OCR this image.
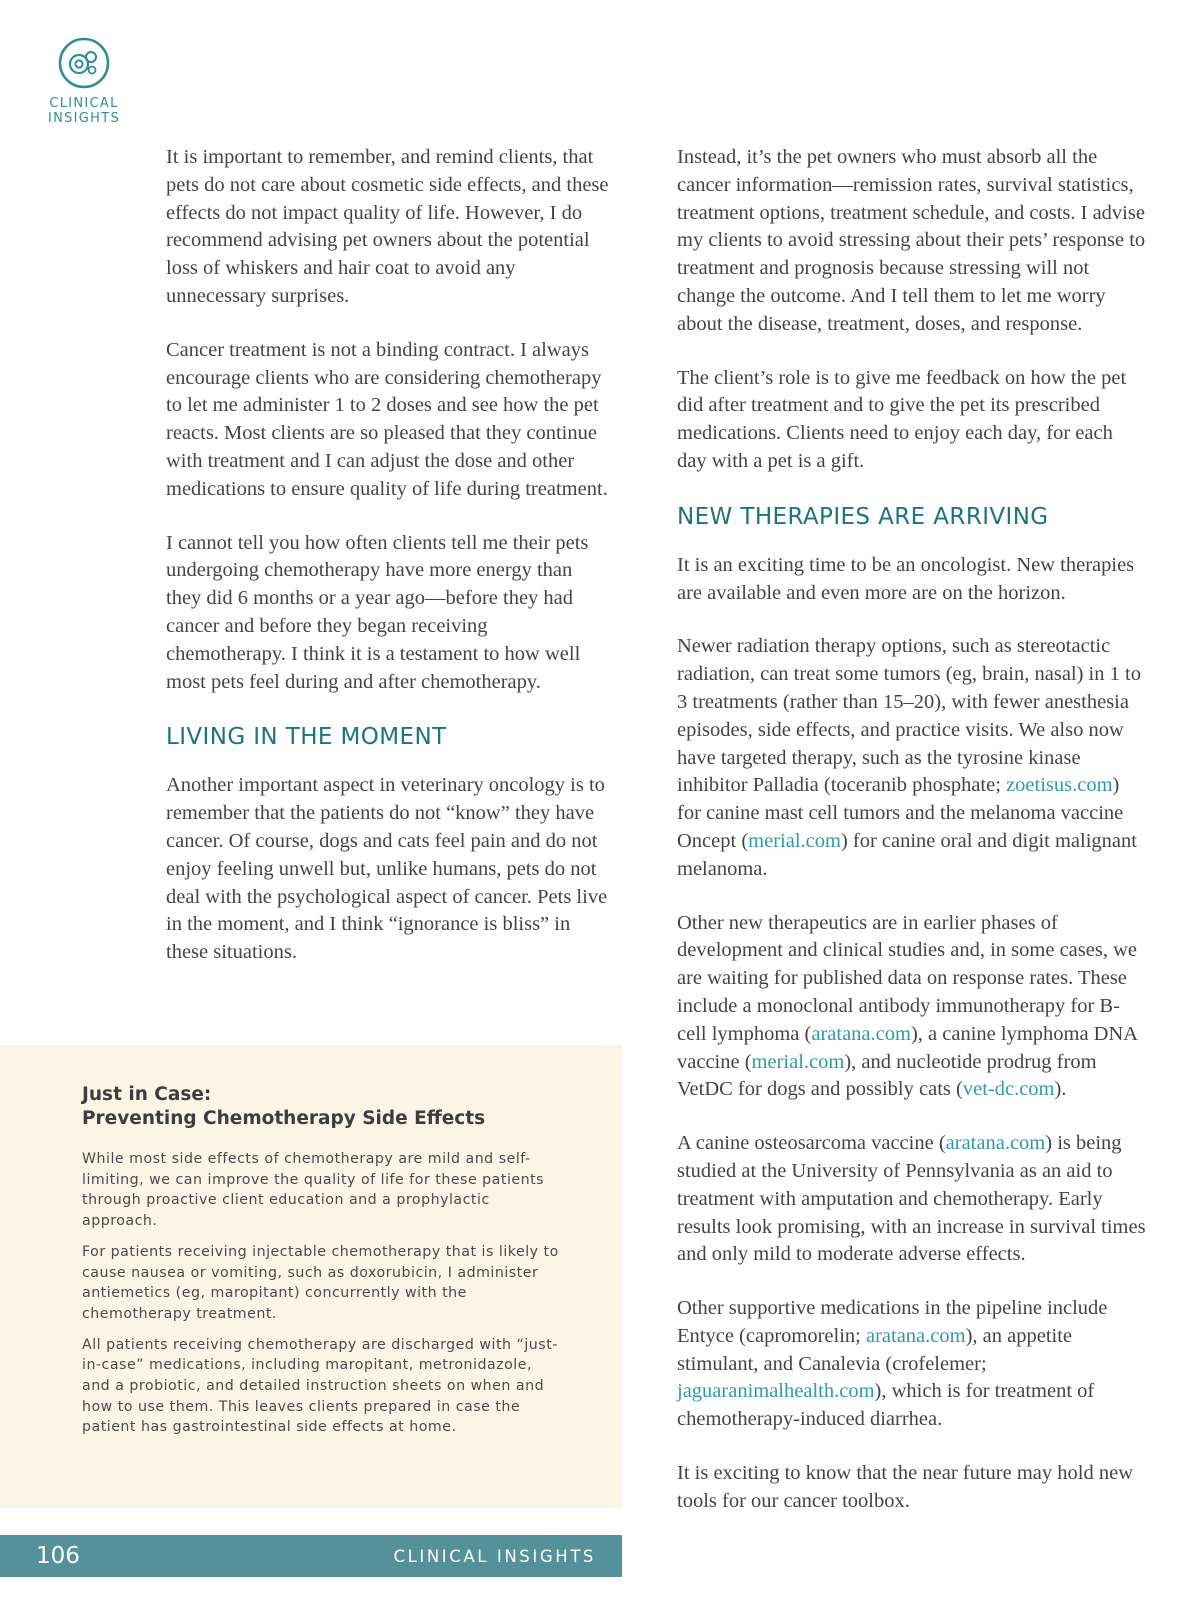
CLINICAL
INSIGHTS

It is important to remember, and remind clients, that pets do not care about cosmetic side effects, and these effects do not impact quality of life. However, I do recommend advising pet owners about the potential loss of whiskers and hair coat to avoid any unnecessary surprises.

Cancer treatment is not a binding contract. I always encourage clients who are considering chemotherapy to let me administer 1 to 2 doses and see how the pet reacts. Most clients are so pleased that they continue with treatment and I can adjust the dose and other medications to ensure quality of life during treatment.

I cannot tell you how often clients tell me their pets undergoing chemotherapy have more energy than they did 6 months or a year ago—before they had cancer and before they began receiving chemotherapy. I think it is a testament to how well most pets feel during and after chemotherapy.

LIVING IN THE MOMENT

Another important aspect in veterinary oncology is to remember that the patients do not “know” they have cancer. Of course, dogs and cats feel pain and do not enjoy feeling unwell but, unlike humans, pets do not deal with the psychological aspect of cancer. Pets live in the moment, and I think “ignorance is bliss” in these situations.

Just in Case:
Preventing Chemotherapy Side Effects

While most side effects of chemotherapy are mild and self-limiting, we can improve the quality of life for these patients through proactive client education and a prophylactic approach.

For patients receiving injectable chemotherapy that is likely to cause nausea or vomiting, such as doxorubicin, I administer antiemetics (eg, maropitant) concurrently with the chemotherapy treatment.

All patients receiving chemotherapy are discharged with “just-in-case” medications, including maropitant, metronidazole, and a probiotic, and detailed instruction sheets on when and how to use them. This leaves clients prepared in case the patient has gastrointestinal side effects at home.

Instead, it’s the pet owners who must absorb all the cancer information—remission rates, survival statistics, treatment options, treatment schedule, and costs. I advise my clients to avoid stressing about their pets’ response to treatment and prognosis because stressing will not change the outcome. And I tell them to let me worry about the disease, treatment, doses, and response.

The client’s role is to give me feedback on how the pet did after treatment and to give the pet its prescribed medications. Clients need to enjoy each day, for each day with a pet is a gift.

NEW THERAPIES ARE ARRIVING

It is an exciting time to be an oncologist. New therapies are available and even more are on the horizon.

Newer radiation therapy options, such as stereotactic radiation, can treat some tumors (eg, brain, nasal) in 1 to 3 treatments (rather than 15–20), with fewer anesthesia episodes, side effects, and practice visits. We also now have targeted therapy, such as the tyrosine kinase inhibitor Palladia (toceranib phosphate; zoetisus.com) for canine mast cell tumors and the melanoma vaccine Oncept (merial.com) for canine oral and digit malignant melanoma.

Other new therapeutics are in earlier phases of development and clinical studies and, in some cases, we are waiting for published data on response rates. These include a monoclonal antibody immunotherapy for B-cell lymphoma (aratana.com), a canine lymphoma DNA vaccine (merial.com), and nucleotide prodrug from VetDC for dogs and possibly cats (vet-dc.com).

A canine osteosarcoma vaccine (aratana.com) is being studied at the University of Pennsylvania as an aid to treatment with amputation and chemotherapy. Early results look promising, with an increase in survival times and only mild to moderate adverse effects.

Other supportive medications in the pipeline include Entyce (capromorelin; aratana.com), an appetite stimulant, and Canalevia (crofelemer; jaguaranimalhealth.com), which is for treatment of chemotherapy-induced diarrhea.

It is exciting to know that the near future may hold new tools for our cancer toolbox.

106	CLINICAL INSIGHTS
